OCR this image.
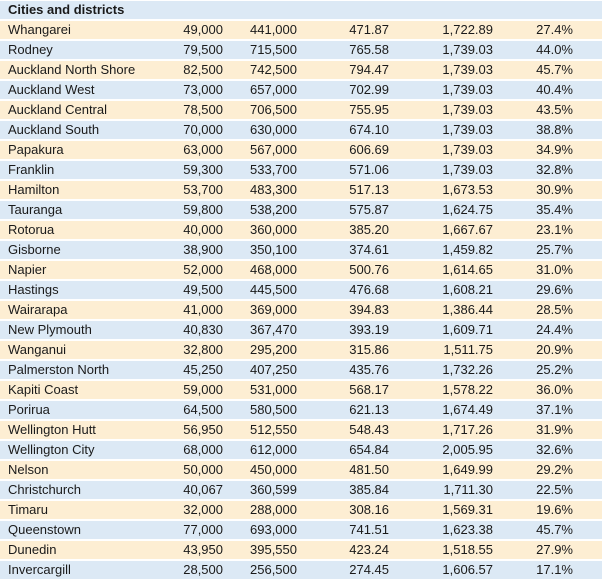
Cities and districts
Whangarei	49,000	441,000	471.87	1,722.89	27.4%
Rodney	79,500	715,500	765.58	1,739.03	44.0%
Auckland North Shore	82,500	742,500	794.47	1,739.03	45.7%
Auckland West	73,000	657,000	702.99	1,739.03	40.4%
Auckland Central	78,500	706,500	755.95	1,739.03	43.5%
Auckland South	70,000	630,000	674.10	1,739.03	38.8%
Papakura	63,000	567,000	606.69	1,739.03	34.9%
Franklin	59,300	533,700	571.06	1,739.03	32.8%
Hamilton	53,700	483,300	517.13	1,673.53	30.9%
Tauranga	59,800	538,200	575.87	1,624.75	35.4%
Rotorua	40,000	360,000	385.20	1,667.67	23.1%
Gisborne	38,900	350,100	374.61	1,459.82	25.7%
Napier	52,000	468,000	500.76	1,614.65	31.0%
Hastings	49,500	445,500	476.68	1,608.21	29.6%
Wairarapa	41,000	369,000	394.83	1,386.44	28.5%
New Plymouth	40,830	367,470	393.19	1,609.71	24.4%
Wanganui	32,800	295,200	315.86	1,511.75	20.9%
Palmerston North	45,250	407,250	435.76	1,732.26	25.2%
Kapiti Coast	59,000	531,000	568.17	1,578.22	36.0%
Porirua	64,500	580,500	621.13	1,674.49	37.1%
Wellington Hutt	56,950	512,550	548.43	1,717.26	31.9%
Wellington City	68,000	612,000	654.84	2,005.95	32.6%
Nelson	50,000	450,000	481.50	1,649.99	29.2%
Christchurch	40,067	360,599	385.84	1,711.30	22.5%
Timaru	32,000	288,000	308.16	1,569.31	19.6%
Queenstown	77,000	693,000	741.51	1,623.38	45.7%
Dunedin	43,950	395,550	423.24	1,518.55	27.9%
Invercargill	28,500	256,500	274.45	1,606.57	17.1%
